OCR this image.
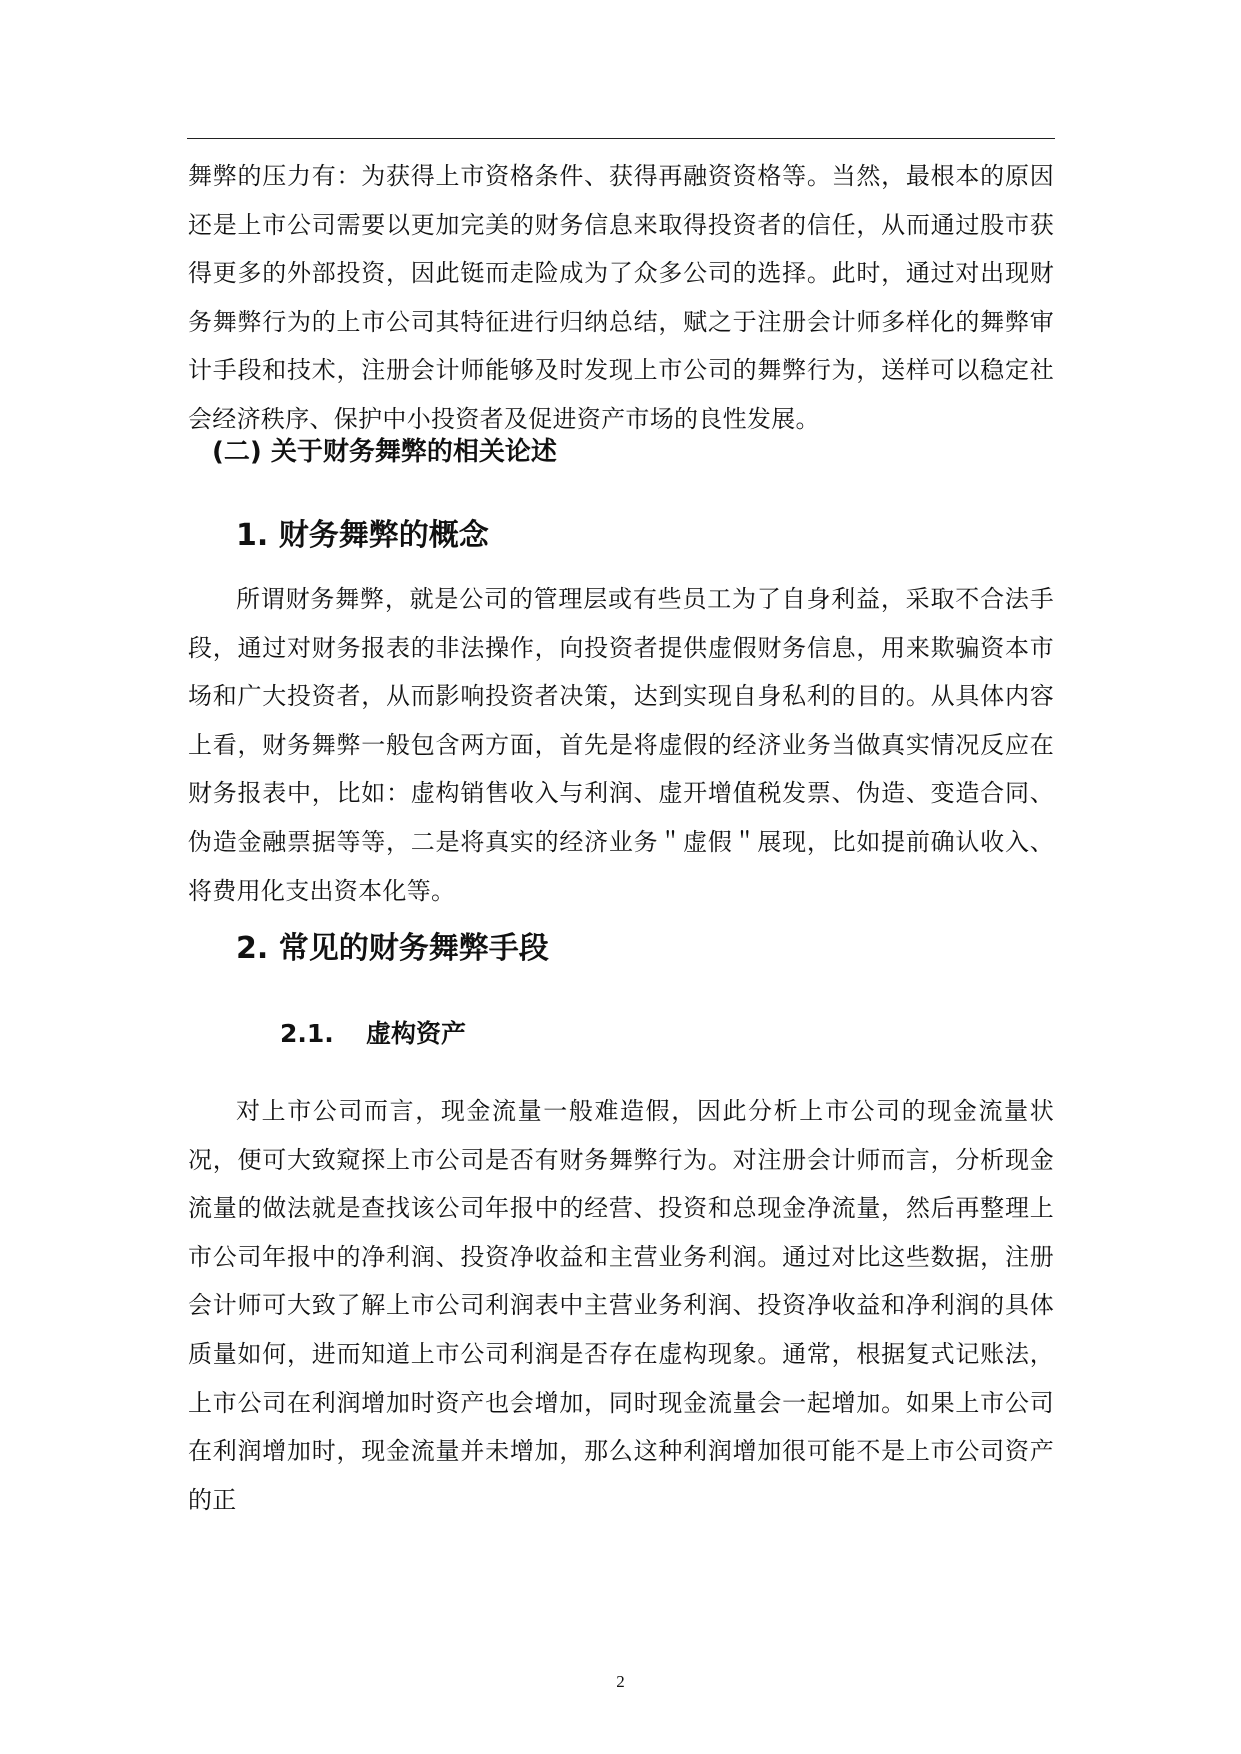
舞弊的压力有：为获得上市资格条件、获得再融资资格等。当然，最根本的原因还是上市公司需要以更加完美的财务信息来取得投资者的信任，从而通过股市获得更多的外部投资，因此铤而走险成为了众多公司的选择。此时，通过对出现财务舞弊行为的上市公司其特征进行归纳总结，赋之于注册会计师多样化的舞弊审计手段和技术，注册会计师能够及时发现上市公司的舞弊行为，送样可以稳定社会经济秩序、保护中小投资者及促进资产市场的良性发展。

(二) 关于财务舞弊的相关论述
1. 财务舞弊的概念

所谓财务舞弊，就是公司的管理层或有些员工为了自身利益，采取不合法手段，通过对财务报表的非法操作，向投资者提供虚假财务信息，用来欺骗资本市场和广大投资者，从而影响投资者决策，达到实现自身私利的目的。从具体内容上看，财务舞弊一般包含两方面，首先是将虚假的经济业务当做真实情况反应在财务报表中，比如：虚构销售收入与利润、虚开增值税发票、伪造、变造合同、伪造金融票据等等，二是将真实的经济业务＂虚假＂展现，比如提前确认收入、将费用化支出资本化等。

2. 常见的财务舞弊手段
2.1. 虚构资产

对上市公司而言，现金流量一般难造假，因此分析上市公司的现金流量状况，便可大致窥探上市公司是否有财务舞弊行为。对注册会计师而言，分析现金流量的做法就是查找该公司年报中的经营、投资和总现金净流量，然后再整理上市公司年报中的净利润、投资净收益和主营业务利润。通过对比这些数据，注册会计师可大致了解上市公司利润表中主营业务利润、投资净收益和净利润的具体质量如何，进而知道上市公司利润是否存在虚构现象。通常，根据复式记账法，上市公司在利润增加时资产也会增加，同时现金流量会一起增加。如果上市公司在利润增加时，现金流量并未增加，那么这种利润增加很可能不是上市公司资产的正

2
